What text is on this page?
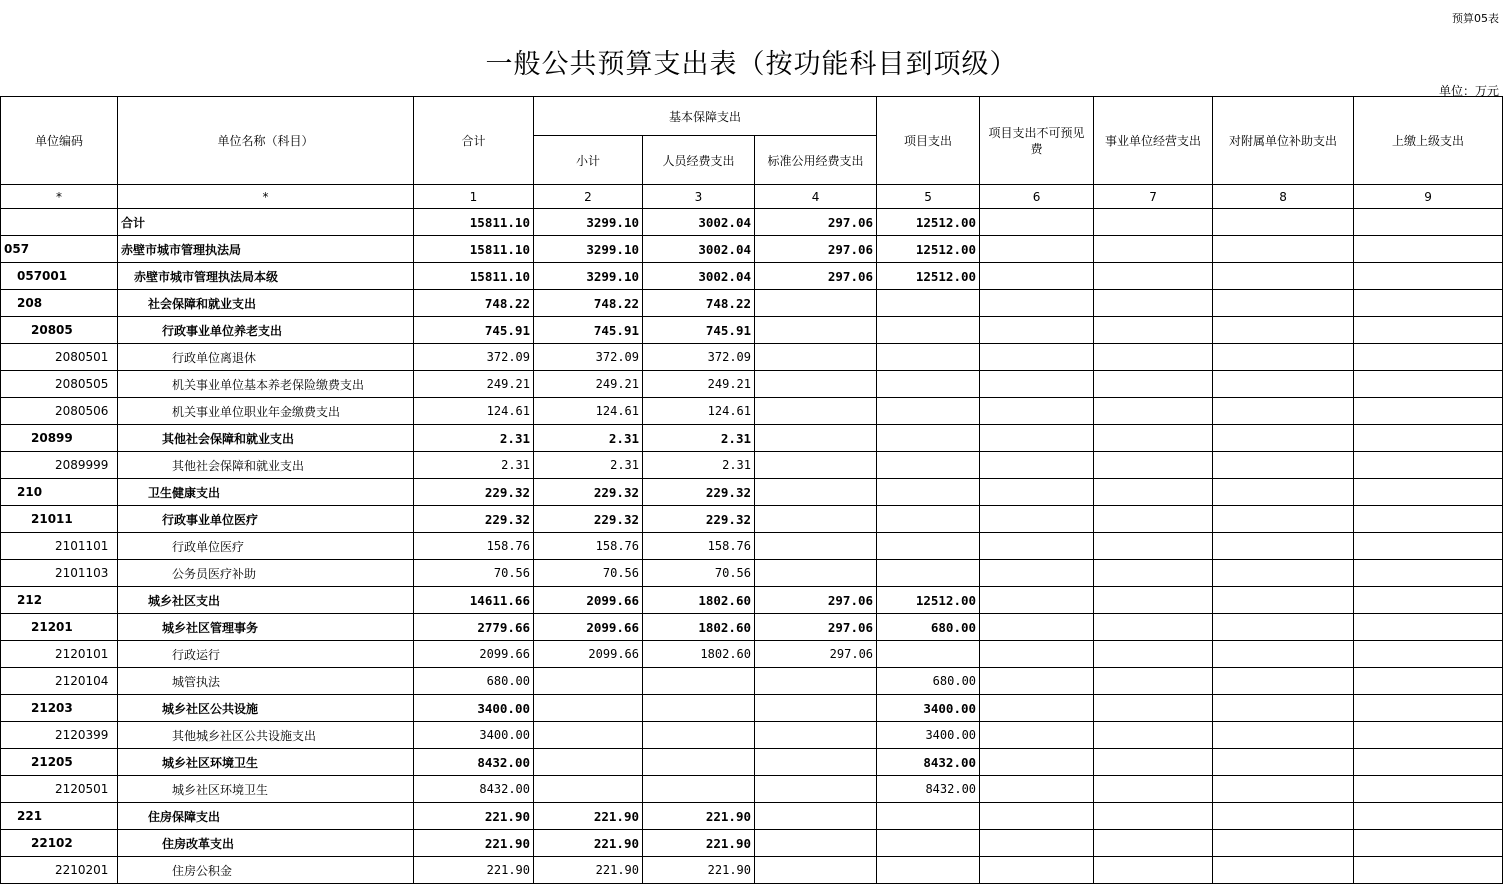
预算05表
一般公共预算支出表（按功能科目到项级）
单位：万元
单位编码	单位名称（科目）	合计	基本保障支出			项目支出	项目支出不可预见费	事业单位经营支出	对附属单位补助支出	上缴上级支出
			小计	人员经费支出	标准公用经费支出					
*	*	1	2	3	4	5	6	7	8	9
	合计	15811.10	3299.10	3002.04	297.06	12512.00				
057	赤壁市城市管理执法局	15811.10	3299.10	3002.04	297.06	12512.00				
057001	赤壁市城市管理执法局本级	15811.10	3299.10	3002.04	297.06	12512.00				
208	社会保障和就业支出	748.22	748.22	748.22						
20805	行政事业单位养老支出	745.91	745.91	745.91						
2080501	行政单位离退休	372.09	372.09	372.09						
2080505	机关事业单位基本养老保险缴费支出	249.21	249.21	249.21						
2080506	机关事业单位职业年金缴费支出	124.61	124.61	124.61						
20899	其他社会保障和就业支出	2.31	2.31	2.31						
2089999	其他社会保障和就业支出	2.31	2.31	2.31						
210	卫生健康支出	229.32	229.32	229.32						
21011	行政事业单位医疗	229.32	229.32	229.32						
2101101	行政单位医疗	158.76	158.76	158.76						
2101103	公务员医疗补助	70.56	70.56	70.56						
212	城乡社区支出	14611.66	2099.66	1802.60	297.06	12512.00				
21201	城乡社区管理事务	2779.66	2099.66	1802.60	297.06	680.00				
2120101	行政运行	2099.66	2099.66	1802.60	297.06					
2120104	城管执法	680.00				680.00				
21203	城乡社区公共设施	3400.00				3400.00				
2120399	其他城乡社区公共设施支出	3400.00				3400.00				
21205	城乡社区环境卫生	8432.00				8432.00				
2120501	城乡社区环境卫生	8432.00				8432.00				
221	住房保障支出	221.90	221.90	221.90						
22102	住房改革支出	221.90	221.90	221.90						
2210201	住房公积金	221.90	221.90	221.90						
